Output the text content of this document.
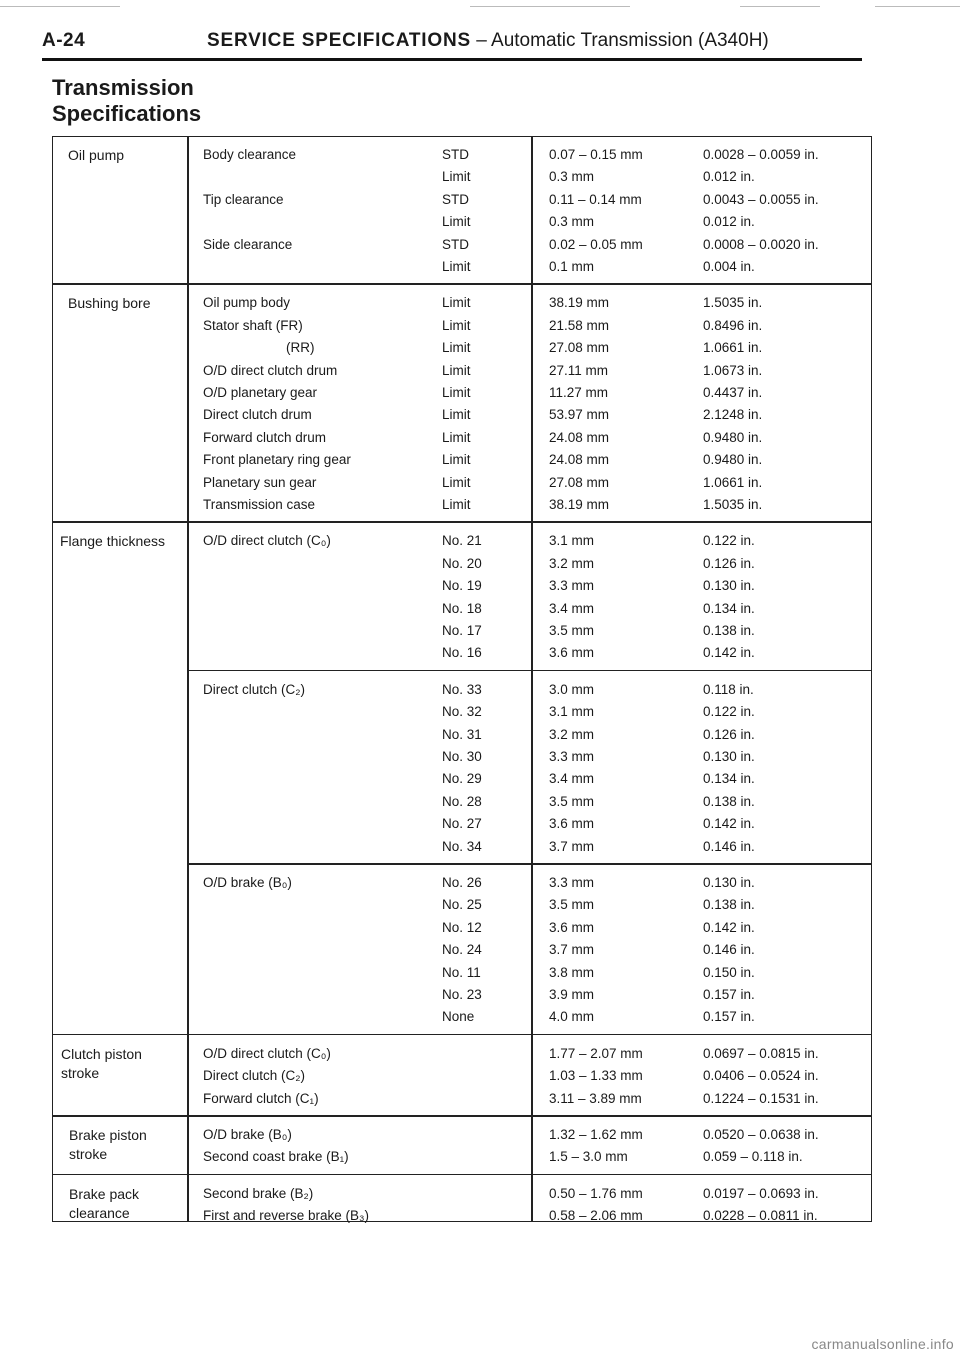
A-24	SERVICE SPECIFICATIONS – Automatic Transmission (A340H)
Transmission
Specifications
Oil pump	Body clearance	STD	0.07 – 0.15 mm	0.0028 – 0.0059 in.
Limit	0.3 mm	0.012 in.
Tip clearance	STD	0.11 – 0.14 mm	0.0043 – 0.0055 in.
Limit	0.3 mm	0.012 in.
Side clearance	STD	0.02 – 0.05 mm	0.0008 – 0.0020 in.
Limit	0.1 mm	0.004 in.
Bushing bore	Oil pump body	Limit	38.19 mm	1.5035 in.
Stator shaft (FR)	Limit	21.58 mm	0.8496 in.
(RR)	Limit	27.08 mm	1.0661 in.
O/D direct clutch drum	Limit	27.11 mm	1.0673 in.
O/D planetary gear	Limit	11.27 mm	0.4437 in.
Direct clutch drum	Limit	53.97 mm	2.1248 in.
Forward clutch drum	Limit	24.08 mm	0.9480 in.
Front planetary ring gear	Limit	24.08 mm	0.9480 in.
Planetary sun gear	Limit	27.08 mm	1.0661 in.
Transmission case	Limit	38.19 mm	1.5035 in.
Flange thickness	O/D direct clutch (C₀)	No. 21	3.1 mm	0.122 in.
No. 20	3.2 mm	0.126 in.
No. 19	3.3 mm	0.130 in.
No. 18	3.4 mm	0.134 in.
No. 17	3.5 mm	0.138 in.
No. 16	3.6 mm	0.142 in.
Direct clutch (C₂)	No. 33	3.0 mm	0.118 in.
No. 32	3.1 mm	0.122 in.
No. 31	3.2 mm	0.126 in.
No. 30	3.3 mm	0.130 in.
No. 29	3.4 mm	0.134 in.
No. 28	3.5 mm	0.138 in.
No. 27	3.6 mm	0.142 in.
No. 34	3.7 mm	0.146 in.
O/D brake (B₀)	No. 26	3.3 mm	0.130 in.
No. 25	3.5 mm	0.138 in.
No. 12	3.6 mm	0.142 in.
No. 24	3.7 mm	0.146 in.
No. 11	3.8 mm	0.150 in.
No. 23	3.9 mm	0.157 in.
None	4.0 mm	0.157 in.
Clutch piston
stroke
O/D direct clutch (C₀)	1.77 – 2.07 mm	0.0697 – 0.0815 in.
Direct clutch (C₂)	1.03 – 1.33 mm	0.0406 – 0.0524 in.
Forward clutch (C₁)	3.11 – 3.89 mm	0.1224 – 0.1531 in.
Brake piston
stroke
O/D brake (B₀)	1.32 – 1.62 mm	0.0520 – 0.0638 in.
Second coast brake (B₁)	1.5 – 3.0 mm	0.059 – 0.118 in.
Brake pack
clearance
Second brake (B₂)	0.50 – 1.76 mm	0.0197 – 0.0693 in.
First and reverse brake (B₃)	0.58 – 2.06 mm	0.0228 – 0.0811 in.
carmanualsonline.info
